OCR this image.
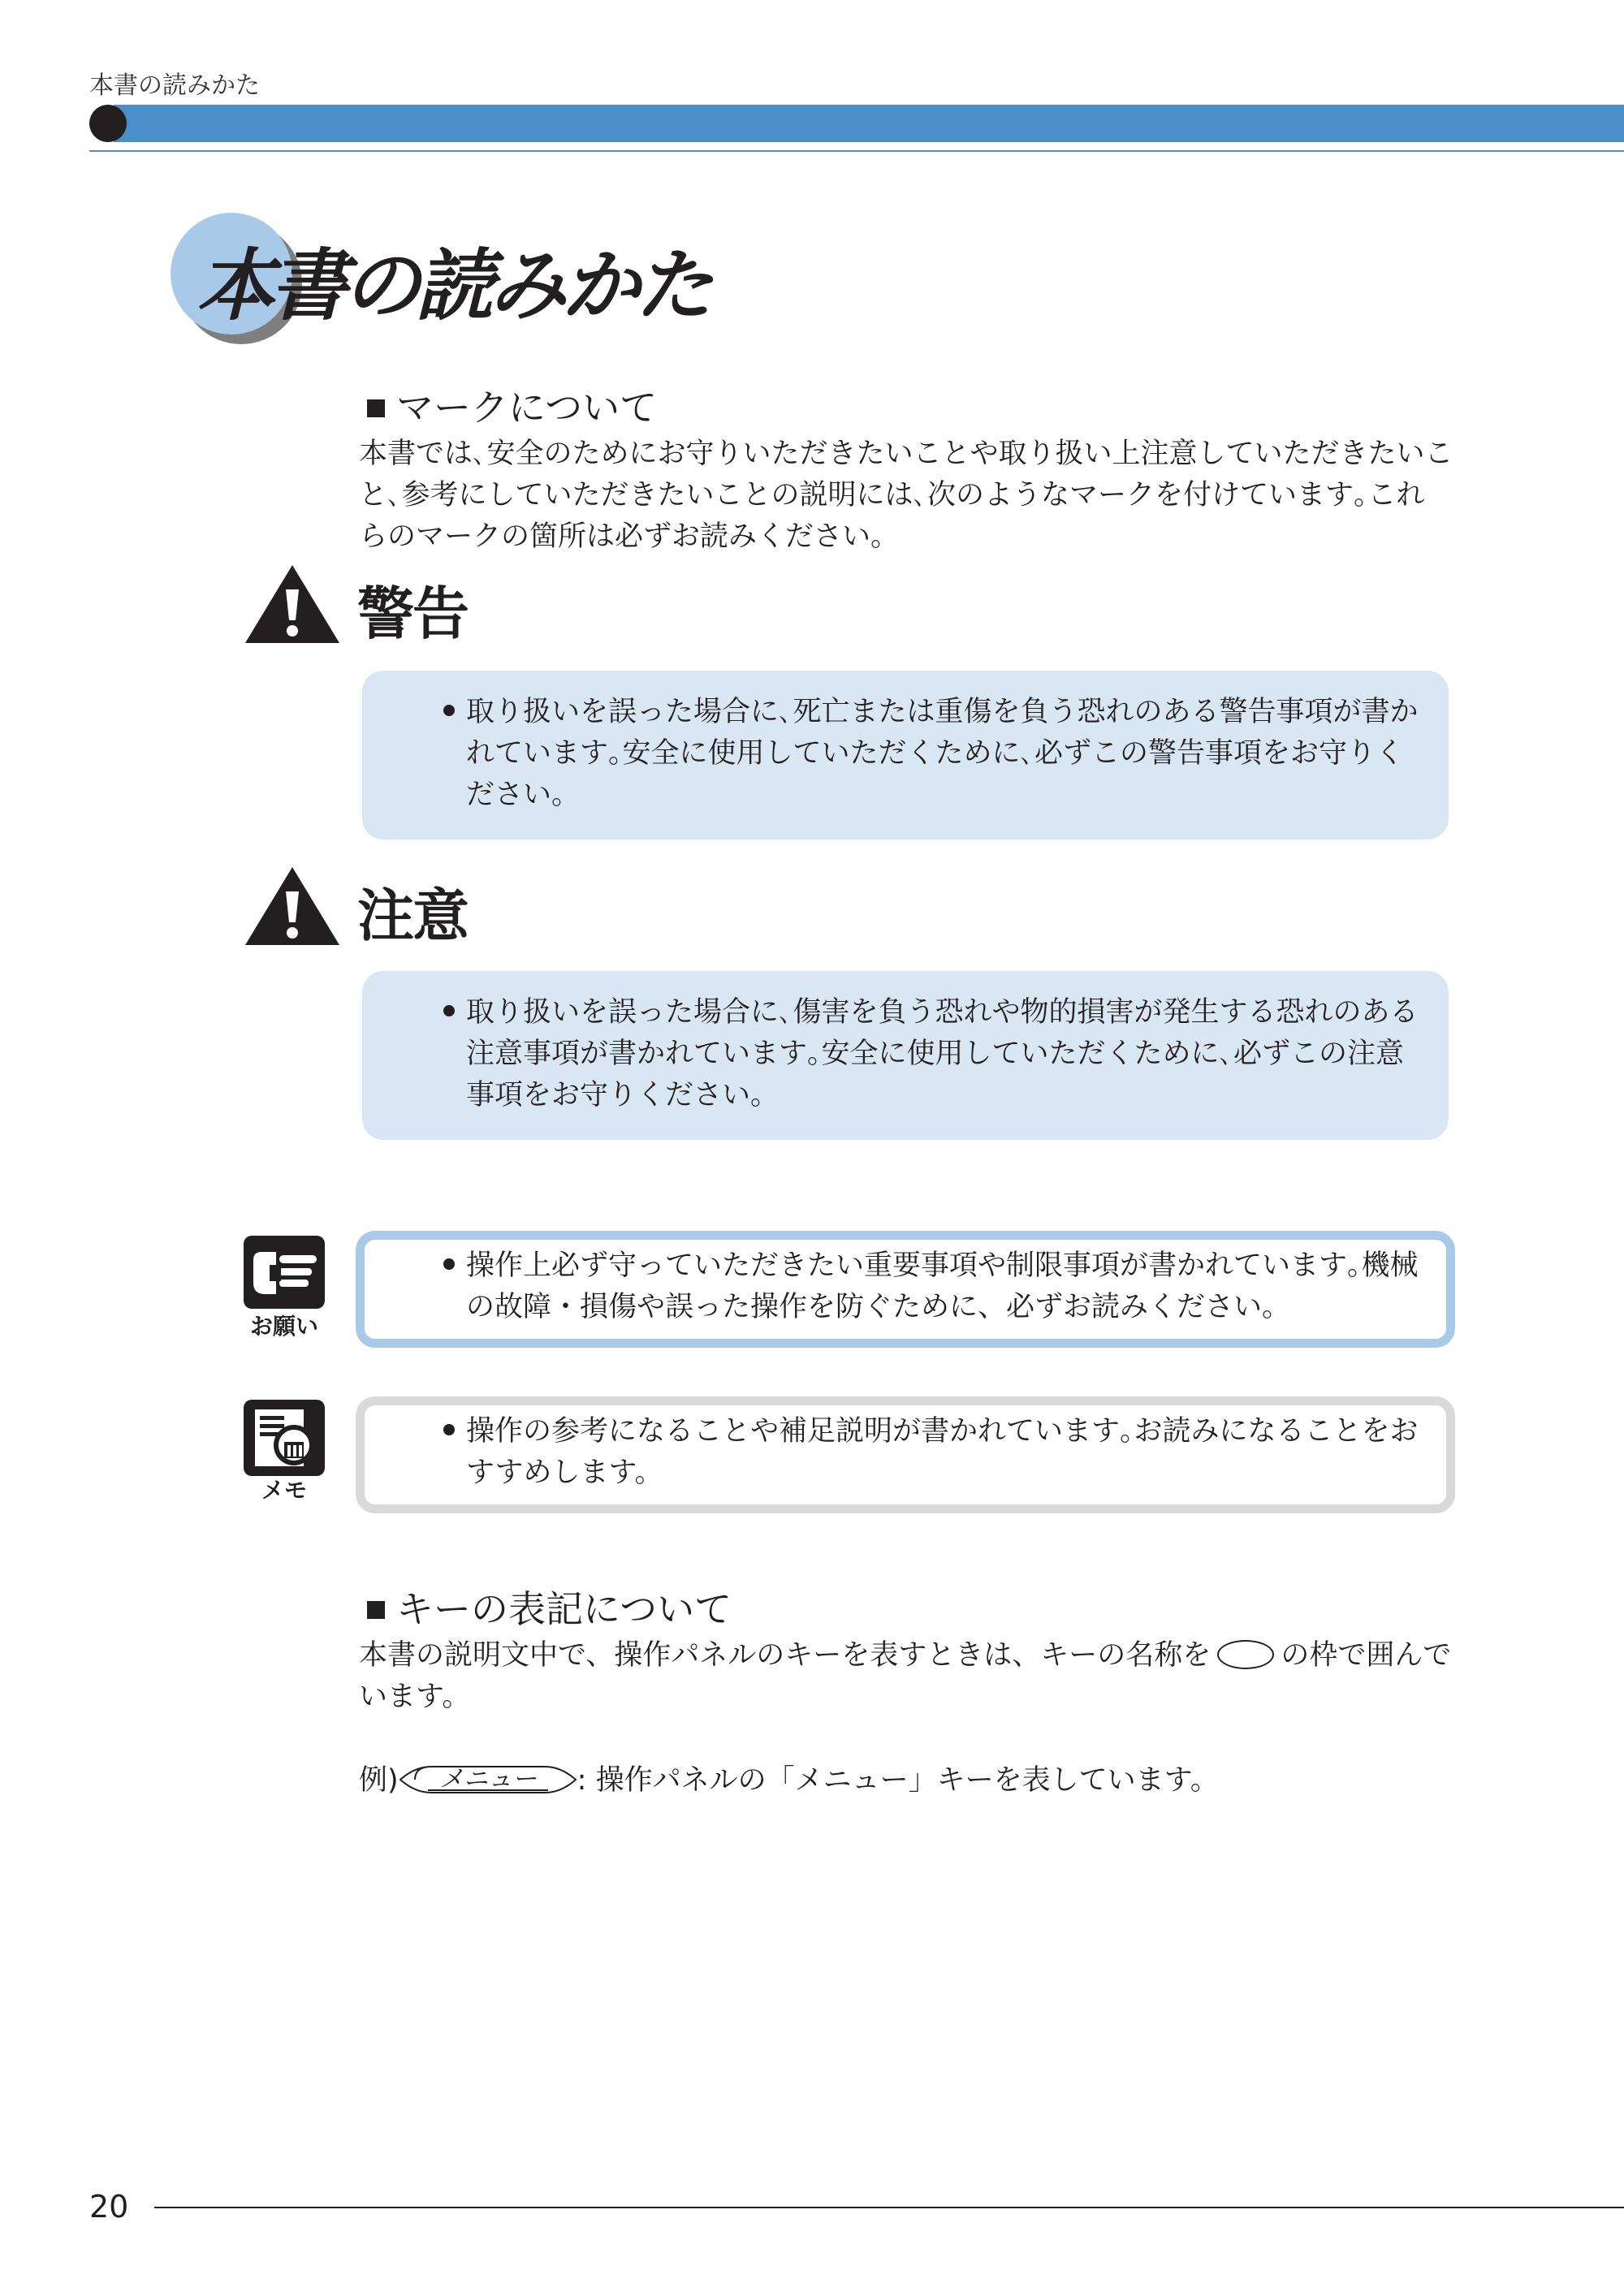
本書の読みかた
本書の読みかた
マークについて
本書では､安全のためにお守りいただきたいことや取り扱い上注意していただきたいこ
と､参考にしていただきたいことの説明には､次のようなマークを付けています｡これ
らのマークの箇所は必ずお読みください｡
警告
取り扱いを誤った場合に､死亡または重傷を負う恐れのある警告事項が書か
れています｡安全に使用していただくために､必ずこの警告事項をお守りく
ださい｡
注意
取り扱いを誤った場合に､傷害を負う恐れや物的損害が発生する恐れのある
注意事項が書かれています｡安全に使用していただくために､必ずこの注意
事項をお守りください｡
お願い
操作上必ず守っていただきたい重要事項や制限事項が書かれています｡機械
の故障・損傷や誤った操作を防ぐために、必ずお読みください。
メモ
操作の参考になることや補足説明が書かれています｡お読みになることをお
すすめします。
キーの表記について
本書の説明文中で、操作パネルのキーを表すときは、キーの名称を の枠で囲んで
います。
例) メニュー : 操作パネルの「メニュー」キーを表しています。
20
